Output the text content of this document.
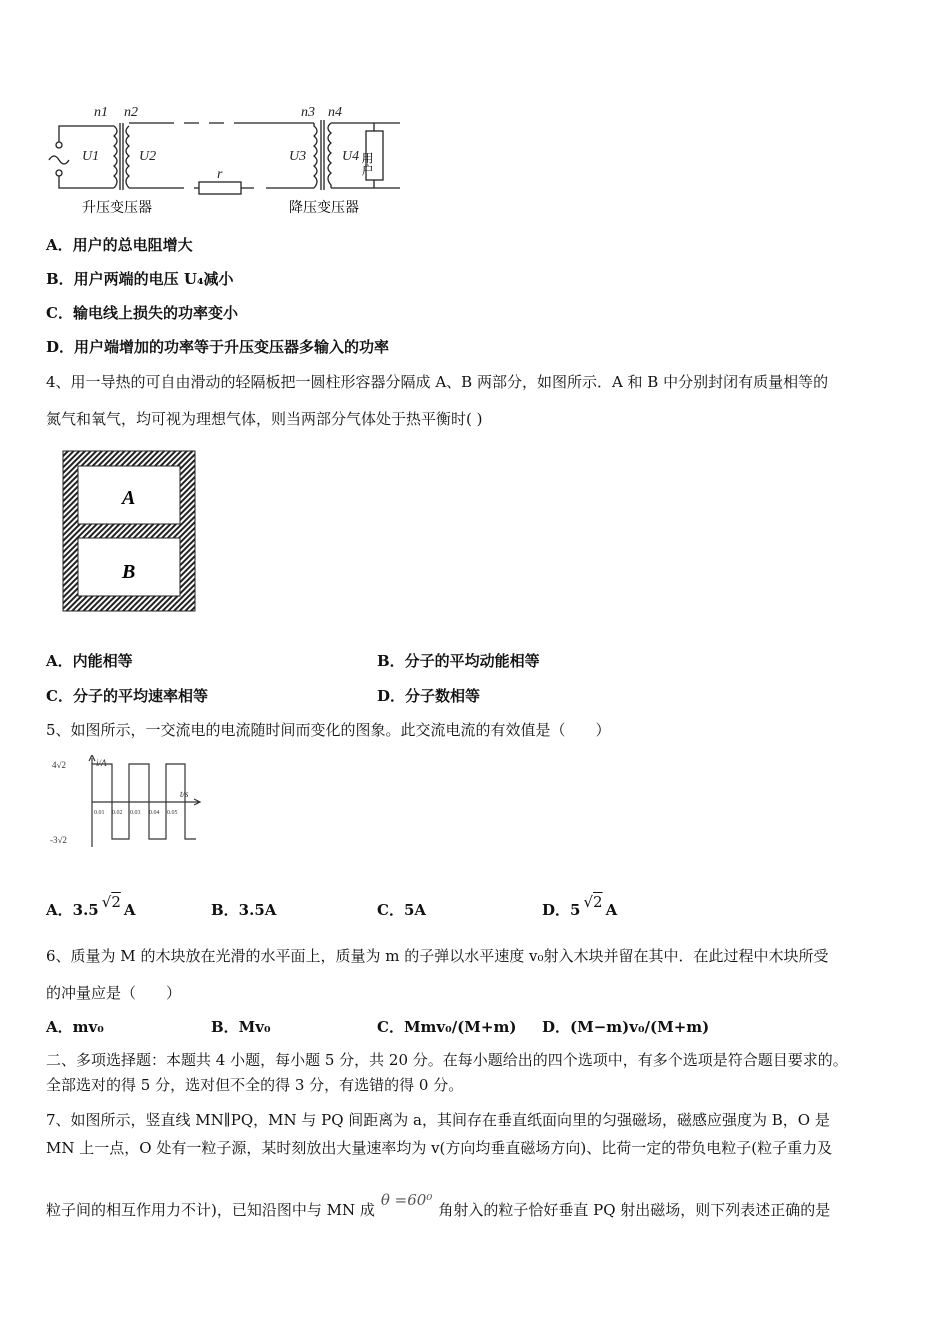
n1 n2	n3 n4
U1	U2	U3	U4
r	用户
升压变压器	降压变压器
A．用户的总电阻增大
B．用户两端的电压 U₄减小
C．输电线上损失的功率变小
D．用户端增加的功率等于升压变压器多输入的功率
4、用一导热的可自由滑动的轻隔板把一圆柱形容器分隔成 A、B 两部分，如图所示．A 和 B 中分别封闭有质量相等的
氮气和氧气，均可视为理想气体，则当两部分气体处于热平衡时( )
A
B
A．内能相等	B．分子的平均动能相等
C．分子的平均速率相等	D．分子数相等
5、如图所示，一交流电的电流随时间而变化的图象。此交流电流的有效值是（　　）
4√2
-3√2
i/A
t/s
0.01 0.02 0.03 0.04 0.05
A．3.5 √2 A	B．3.5A	C．5A	D．5 √2 A
6、质量为 M 的木块放在光滑的水平面上，质量为 m 的子弹以水平速度 v₀射入木块并留在其中．在此过程中木块所受
的冲量应是（　　）
A．mv₀	B．Mv₀	C．Mmv₀/(M+m) D．(M−m)v₀/(M+m)
二、多项选择题：本题共 4 小题，每小题 5 分，共 20 分。在每小题给出的四个选项中，有多个选项是符合题目要求的。
全部选对的得 5 分，选对但不全的得 3 分，有选错的得 0 分。
7、如图所示，竖直线 MN∥PQ，MN 与 PQ 间距离为 a，其间存在垂直纸面向里的匀强磁场，磁感应强度为 B，O 是
MN 上一点，O 处有一粒子源，某时刻放出大量速率均为 v(方向均垂直磁场方向)、比荷一定的带负电粒子(粒子重力及
粒子间的相互作用力不计)，已知沿图中与 MN 成θ =60⁰角射入的粒子恰好垂直 PQ 射出磁场，则下列表述正确的是
